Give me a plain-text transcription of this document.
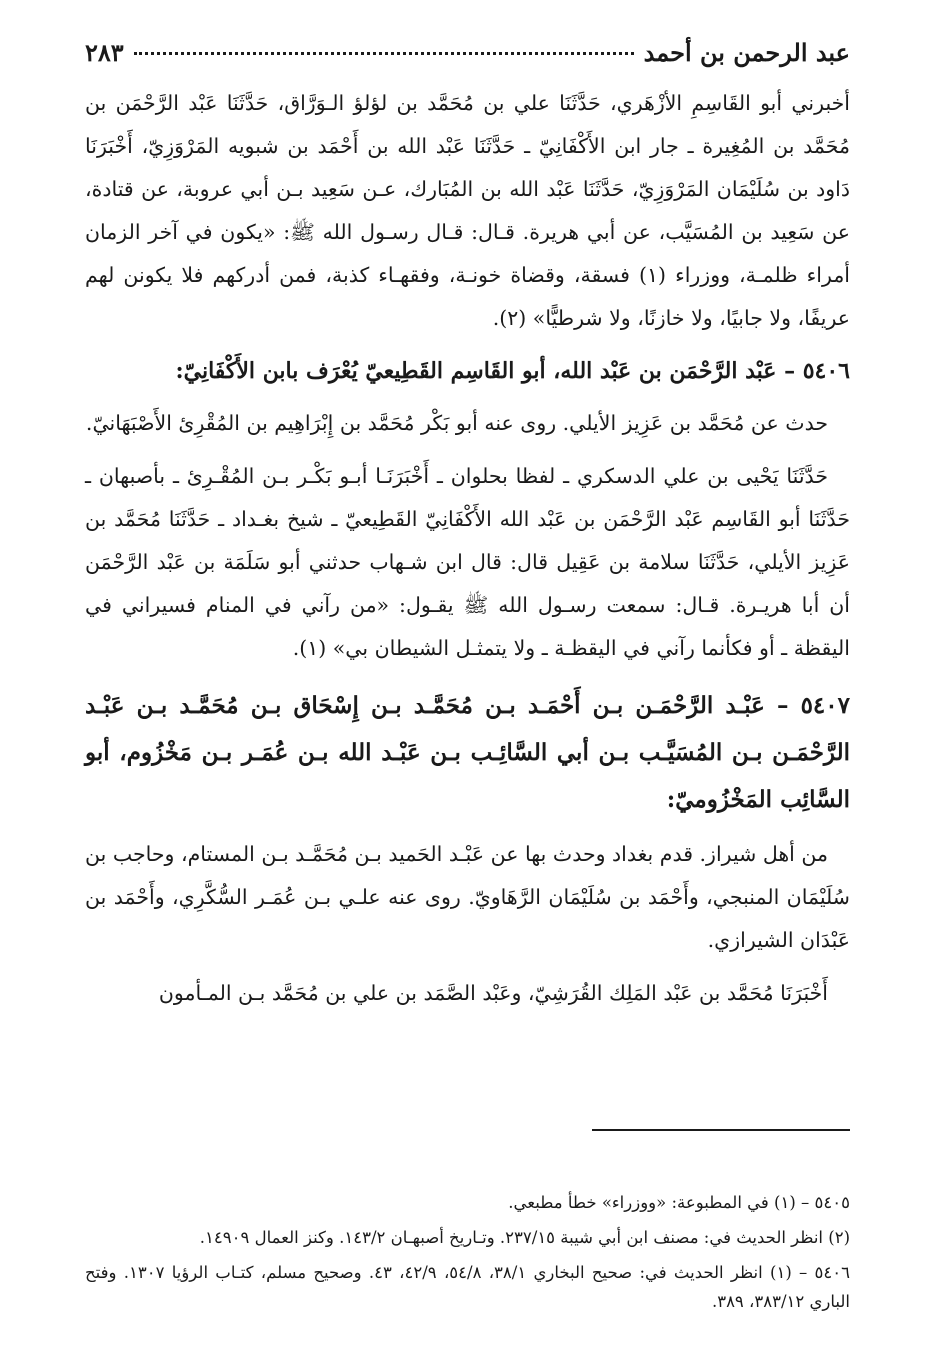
عبد الرحمن بن أحمد
٢٨٣

أخبرني أبو القَاسِمِ الأزْهَري، حَدَّثَنَا علي بن مُحَمَّد بن لؤلؤ الـوَرَّاق، حَدَّثَنَا عَبْد الرَّحْمَن بن مُحَمَّد بن المُغِيرة ـ جار ابن الأَكْفَانِيّ ـ حَدَّثَنَا عَبْد الله بن أَحْمَد بن شبويه المَرْوَزِيّ، أَخْبَرَنَا دَاود بن سُلَيْمَان المَرْوَزِيّ، حَدَّثَنَا عَبْد الله بن المُبَارك، عـن سَعِيد بـن أبي عروبة، عن قتادة، عن سَعِيد بن المُسَيَّب، عن أبي هريرة. قـال: قـال رسـول الله ﷺ: «يكون في آخر الزمان أمراء ظلمـة، ووزراء (١) فسقة، وقضاة خونـة، وفقهـاء كذبة، فمن أدركهم فلا يكونن لهم عريفًا، ولا جابيًا، ولا خازنًا، ولا شرطيًّا» (٢).

٥٤٠٦ – عَبْد الرَّحْمَن بن عَبْد الله، أبو القَاسِم القَطِيعيّ يُعْرَف بابن الأَكْفَانِيّ:

حدث عن مُحَمَّد بن عَزِيز الأيلي. روى عنه أبو بَكْر مُحَمَّد بن إِبْرَاهِيم بن المُقْرِئ الأَصْبَهَانيّ.

حَدَّثَنَا يَحْيى بن علي الدسكري ـ لفظا بحلوان ـ أَخْبَرَنَـا أبـو بَكْـر بـن المُقْـرِئ ـ بأصبهان ـ حَدَّثَنَا أبو القَاسِم عَبْد الرَّحْمَن بن عَبْد الله الأَكْفَانِيّ القَطِيعيّ ـ شيخ بغـداد ـ حَدَّثَنَا مُحَمَّد بن عَزِيز الأيلي، حَدَّثَنَا سلامة بن عَقِيل قال: قال ابن شـهاب حدثني أبو سَلَمَة بن عَبْد الرَّحْمَن أن أبا هريـرة. قـال: سمعت رسـول الله ﷺ يقـول: «من رآني في المنام فسيراني في اليقظة ـ أو فكأنما رآني في اليقظـة ـ ولا يتمثـل الشيطان بي» (١).

٥٤٠٧ – عَبْـد الرَّحْمَـن بـن أَحْمَـد بـن مُحَمَّـد بـن إِسْحَاق بـن مُحَمَّـد بـن عَبْـد الرَّحْمَـن بـن المُسَيَّـب بـن أبي السَّائِـب بـن عَبْـد الله بـن عُمَـر بـن مَخْزُوم، أبو السَّائِب المَخْزُوميّ:

من أهل شيراز. قدم بغداد وحدث بها عن عَبْـد الحَميد بـن مُحَمَّـد بـن المستام، وحاجب بن سُلَيْمَان المنبجي، وأَحْمَد بن سُلَيْمَان الرَّهَاويّ. روى عنه علـي بـن عُمَـر السُّكَّرِي، وأَحْمَد بن عَبْدَان الشيرازي.

أَخْبَرَنَا مُحَمَّد بن عَبْد المَلِك القُرَشِيّ، وعَبْد الصَّمَد بن علي بن مُحَمَّد بـن المـأمون

٥٤٠٥ – (١) في المطبوعة: «ووزراء» خطأ مطبعي.

(٢) انظر الحديث في: مصنف ابن أبي شيبة ٢٣٧/١٥. وتـاريخ أصبهـان ١٤٣/٢. وكنز العمال ١٤٩٠٩.

٥٤٠٦ – (١) انظر الحديث في: صحيح البخاري ٣٨/١، ٥٤/٨، ٤٢/٩، ٤٣. وصحيح مسلم، كتـاب الرؤيا ١٣٠٧. وفتح الباري ٣٨٣/١٢، ٣٨٩.
